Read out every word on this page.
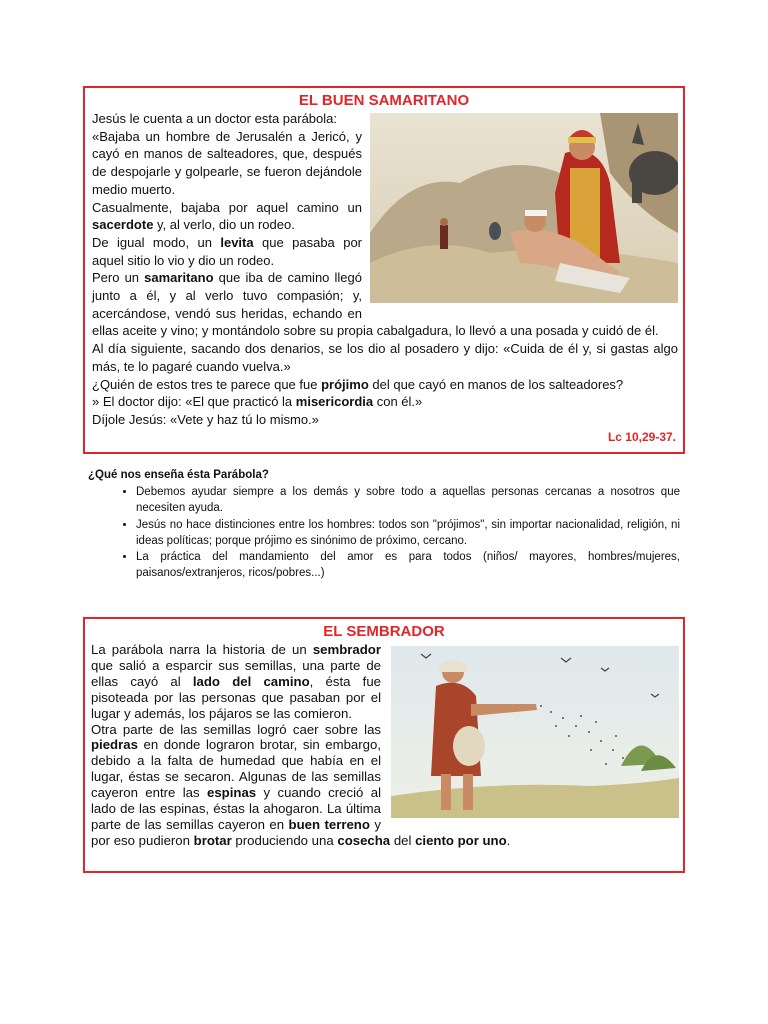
EL BUEN SAMARITANO

Jesús le cuenta a un doctor esta parábola:

«Bajaba un hombre de Jerusalén a Jericó, y cayó en manos de salteadores, que, después de despojarle y golpearle, se fueron dejándole medio muerto.

Casualmente, bajaba por aquel camino un sacerdote y, al verlo, dio un rodeo.

De igual modo, un levita que pasaba por aquel sitio lo vio y dio un rodeo.

Pero un samaritano que iba de camino llegó junto a él, y al verlo tuvo compasión; y, acercándose, vendó sus heridas, echando en ellas aceite y vino; y montándolo sobre su propia cabalgadura, lo llevó a una posada y cuidó de él.

Al día siguiente, sacando dos denarios, se los dio al posadero y dijo: «Cuida de él y, si gastas algo más, te lo pagaré cuando vuelva.»

¿Quién de estos tres te parece que fue prójimo del que cayó en manos de los salteadores?

» El doctor dijo: «El que practicó la misericordia con él.»

Díjole Jesús: «Vete y haz tú lo mismo.»

Lc 10,29-37.

¿Qué nos enseña ésta Parábola?

• Debemos ayudar siempre a los demás y sobre todo a aquellas personas cercanas a nosotros que necesiten ayuda.
• Jesús no hace distinciones entre los hombres: todos son "prójimos", sin importar nacionalidad, religión, ni ideas políticas; porque prójimo es sinónimo de próximo, cercano.
• La práctica del mandamiento del amor es para todos (niños/ mayores, hombres/mujeres, paisanos/extranjeros, ricos/pobres...)
EL SEMBRADOR

La parábola narra la historia de un sembrador que salió a esparcir sus semillas, una parte de ellas cayó al lado del camino, ésta fue pisoteada por las personas que pasaban por el lugar y además, los pájaros se las comieron.

Otra parte de las semillas logró caer sobre las piedras en donde lograron brotar, sin embargo, debido a la falta de humedad que había en el lugar, éstas se secaron. Algunas de las semillas cayeron entre las espinas y cuando creció al lado de las espinas, éstas la ahogaron. La última parte de las semillas cayeron en buen terreno y por eso pudieron brotar produciendo una cosecha del ciento por uno.
